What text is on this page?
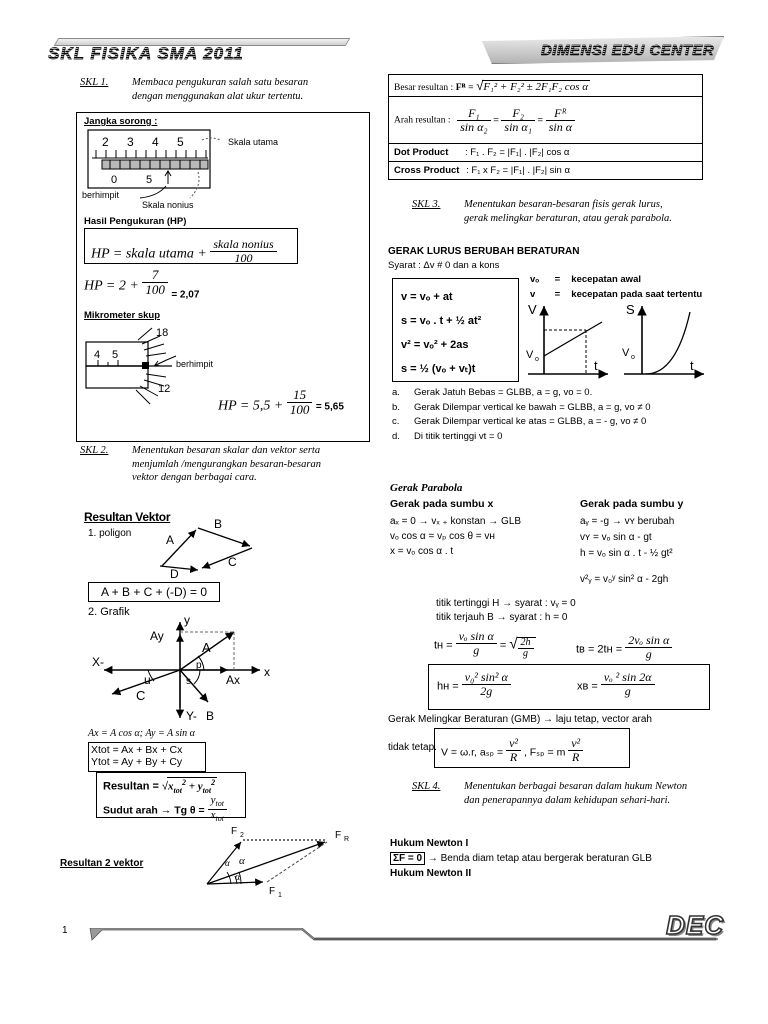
SKL FISIKA SMA 2011	DIMENSI EDU CENTER
SKL 1. Membaca pengukuran salah satu besaran dengan menggunakan alat ukur tertentu.
Jangka sorong :
2 3 4 5
0	5
Skala utama
berhimpit
Skala nonius
Hasil Pengukuran (HP)
HP = skala utama + $\frac{\text{skala nonius}}{100}$
HP = $2 + \frac{7}{100} _{= 2,07}$
Mikrometer skup
4 5
18
12
berhimpit
HP = $5,5 + \frac{15}{100} = 5,65$
SKL 2. Menentukan besaran skalar dan vektor serta menjumlah /mengurangkan besaran-besaran vektor dengan berbagai cara.
Resultan Vektor
1. poligon	A
B
C
D
A + B + C + (-D) = 0
2. Grafik
y
x
X-
Y- B
u
C
Ay
Ax
A
p
s
Ax = A cos α; Ay = A sin α
Xtot = Ax + Bx + Cx
Ytot = Ay + By + Cy
Resultan = $√x_{tot}^2 + y_{tot}^2$
Sudut arah → Tg $\theta = \frac{y_{tot}}{x_{tot}}$
Resultan 2 vektor	α α
α
F 2	F R
F 1
Besar resultan : Fᴿ = √F₁² + F₂² ± 2F₁F₂ cos α
Arah resultan : $\frac{\text{F₁}}{\text{sin α₂}} = \frac{\text{F₂}}{\text{sin α₁}} = \frac{\text{Fᴿ}}{\text{sin α}}$

Dot Product : F₁ . F₂ = |F₁| . |F₂| cos α
Cross Product : F₁ x F₂ = |F₁| . |F₂| sin α
SKL 3. Menentukan besaran-besaran fisis gerak lurus, gerak melingkar beraturan, atau gerak parabola.
GERAK LURUS BERUBAH BERATURAN
Syarat : Δv # 0 dan a kons
vₒ = kecepatan awal
v = kecepatan pada saat tertentu
v = vₒ + at
s = vₒ . t + ½ at²
v² = vₒ² + 2as
s = ½ (vₒ + vₜ)t
V
t
V o
S
t
V o
a. Gerak Jatuh Bebas = GLBB, a = g, vo = 0.
b. Gerak Dilempar vertical ke bawah = GLBB, a = g, vo ≠ 0
c. Gerak Dilempar vertical ke atas = GLBB, a = - g, vo ≠ 0
d. Di titik tertinggi vt = 0
Gerak Parabola
Gerak pada sumbu x	Gerak pada sumbu y
aₓ = 0 → vₓ ₊ konstan → GLB
vₒ cos α = vₚ cos θ = vʜ
x = vₒ cos α . t
aᵧ = -g → vʏ berubah
vʏ = vₒ sin α - gt
h = vₒ sin α . t - ½ gt²
v²ᵧ = v₀ʸ sin² α - 2gh
titik tertinggi H → syarat : vᵧ = 0
titik terjauh B → syarat : h = 0
tʜ = $\frac{\text{vₒ sin α}}{g}$ = √ $\frac{2h}{g}$	tʙ = 2tʜ = $\frac{\text{2vₒ sin α}}{g}$
hʜ = $\frac{\text{v₀² sin² α}}{2g}$	xʙ = $\frac{\text{vₒ ² sin 2α}}{g}$
Gerak Melingkar Beraturan (GMB) → laju tetap, vector arah
tidak tetap. V = ω.r, $a_{sp} = \frac{\text{v²}}{R}$ , Fₛₚ = m $\frac{\text{v²}}{R}$
SKL 4. Menentukan berbagai besaran dalam hukum Newton dan penerapannya dalam kehidupan sehari-hari.
Hukum Newton I
ΣF = 0 → Benda diam tetap atau bergerak beraturan GLB
Hukum Newton II
1	DEC
